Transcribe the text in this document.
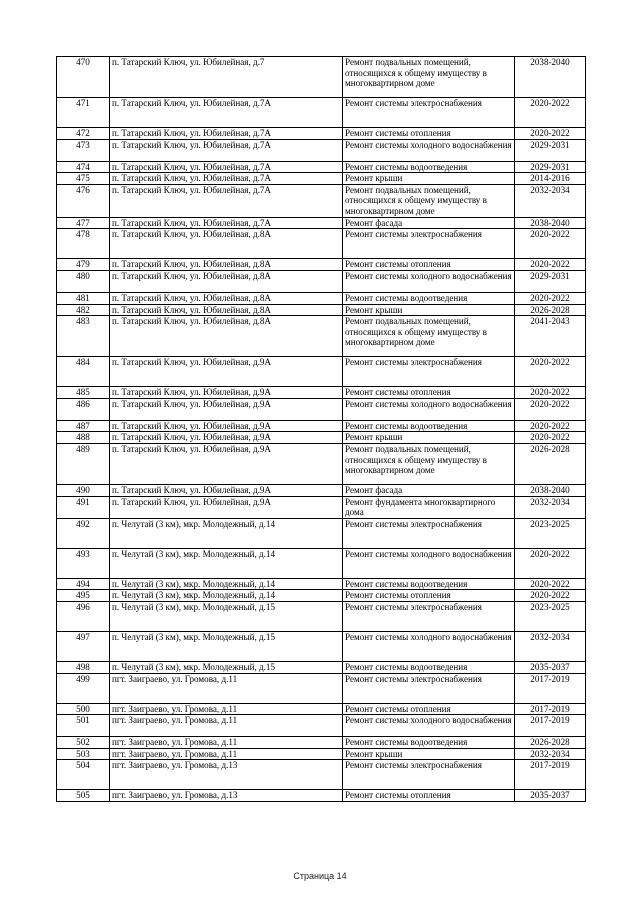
470	п. Татарский Ключ, ул. Юбилейная, д.7	Ремонт подвальных помещений, относящихся к общему имуществу в многоквартирном доме	2038-2040
471	п. Татарский Ключ, ул. Юбилейная, д.7А	Ремонт системы электроснабжения	2020-2022
472	п. Татарский Ключ, ул. Юбилейная, д.7А	Ремонт системы отопления	2020-2022
473	п. Татарский Ключ, ул. Юбилейная, д.7А	Ремонт системы холодного водоснабжения	2029-2031
474	п. Татарский Ключ, ул. Юбилейная, д.7А	Ремонт системы водоотведения	2029-2031
475	п. Татарский Ключ, ул. Юбилейная, д.7А	Ремонт крыши	2014-2016
476	п. Татарский Ключ, ул. Юбилейная, д.7А	Ремонт подвальных помещений, относящихся к общему имуществу в многоквартирном доме	2032-2034
477	п. Татарский Ключ, ул. Юбилейная, д.7А	Ремонт фасада	2038-2040
478	п. Татарский Ключ, ул. Юбилейная, д.8А	Ремонт системы электроснабжения	2020-2022
479	п. Татарский Ключ, ул. Юбилейная, д.8А	Ремонт системы отопления	2020-2022
480	п. Татарский Ключ, ул. Юбилейная, д.8А	Ремонт системы холодного водоснабжения	2029-2031
481	п. Татарский Ключ, ул. Юбилейная, д.8А	Ремонт системы водоотведения	2020-2022
482	п. Татарский Ключ, ул. Юбилейная, д.8А	Ремонт крыши	2026-2028
483	п. Татарский Ключ, ул. Юбилейная, д.8А	Ремонт подвальных помещений, относящихся к общему имуществу в многоквартирном доме	2041-2043
484	п. Татарский Ключ, ул. Юбилейная, д.9А	Ремонт системы электроснабжения	2020-2022
485	п. Татарский Ключ, ул. Юбилейная, д.9А	Ремонт системы отопления	2020-2022
486	п. Татарский Ключ, ул. Юбилейная, д.9А	Ремонт системы холодного водоснабжения	2020-2022
487	п. Татарский Ключ, ул. Юбилейная, д.9А	Ремонт системы водоотведения	2020-2022
488	п. Татарский Ключ, ул. Юбилейная, д.9А	Ремонт крыши	2020-2022
489	п. Татарский Ключ, ул. Юбилейная, д.9А	Ремонт подвальных помещений, относящихся к общему имуществу в многоквартирном доме	2026-2028
490	п. Татарский Ключ, ул. Юбилейная, д.9А	Ремонт фасада	2038-2040
491	п. Татарский Ключ, ул. Юбилейная, д.9А	Ремонт фундамента многоквартирного дома	2032-2034
492	п. Челутай (3 км), мкр. Молодежный, д.14	Ремонт системы электроснабжения	2023-2025
493	п. Челутай (3 км), мкр. Молодежный, д.14	Ремонт системы холодного водоснабжения	2020-2022
494	п. Челутай (3 км), мкр. Молодежный, д.14	Ремонт системы водоотведения	2020-2022
495	п. Челутай (3 км), мкр. Молодежный, д.14	Ремонт системы отопления	2020-2022
496	п. Челутай (3 км), мкр. Молодежный, д.15	Ремонт системы электроснабжения	2023-2025
497	п. Челутай (3 км), мкр. Молодежный, д.15	Ремонт системы холодного водоснабжения	2032-2034
498	п. Челутай (3 км), мкр. Молодежный, д.15	Ремонт системы водоотведения	2035-2037
499	пгт. Заиграево, ул. Громова, д.11	Ремонт системы электроснабжения	2017-2019
500	пгт. Заиграево, ул. Громова, д.11	Ремонт системы отопления	2017-2019
501	пгт. Заиграево, ул. Громова, д.11	Ремонт системы холодного водоснабжения	2017-2019
502	пгт. Заиграево, ул. Громова, д.11	Ремонт системы водоотведения	2026-2028
503	пгт. Заиграево, ул. Громова, д.11	Ремонт крыши	2032-2034
504	пгт. Заиграево, ул. Громова, д.13	Ремонт системы электроснабжения	2017-2019
505	пгт. Заиграево, ул. Громова, д.13	Ремонт системы отопления	2035-2037
Страница 14
